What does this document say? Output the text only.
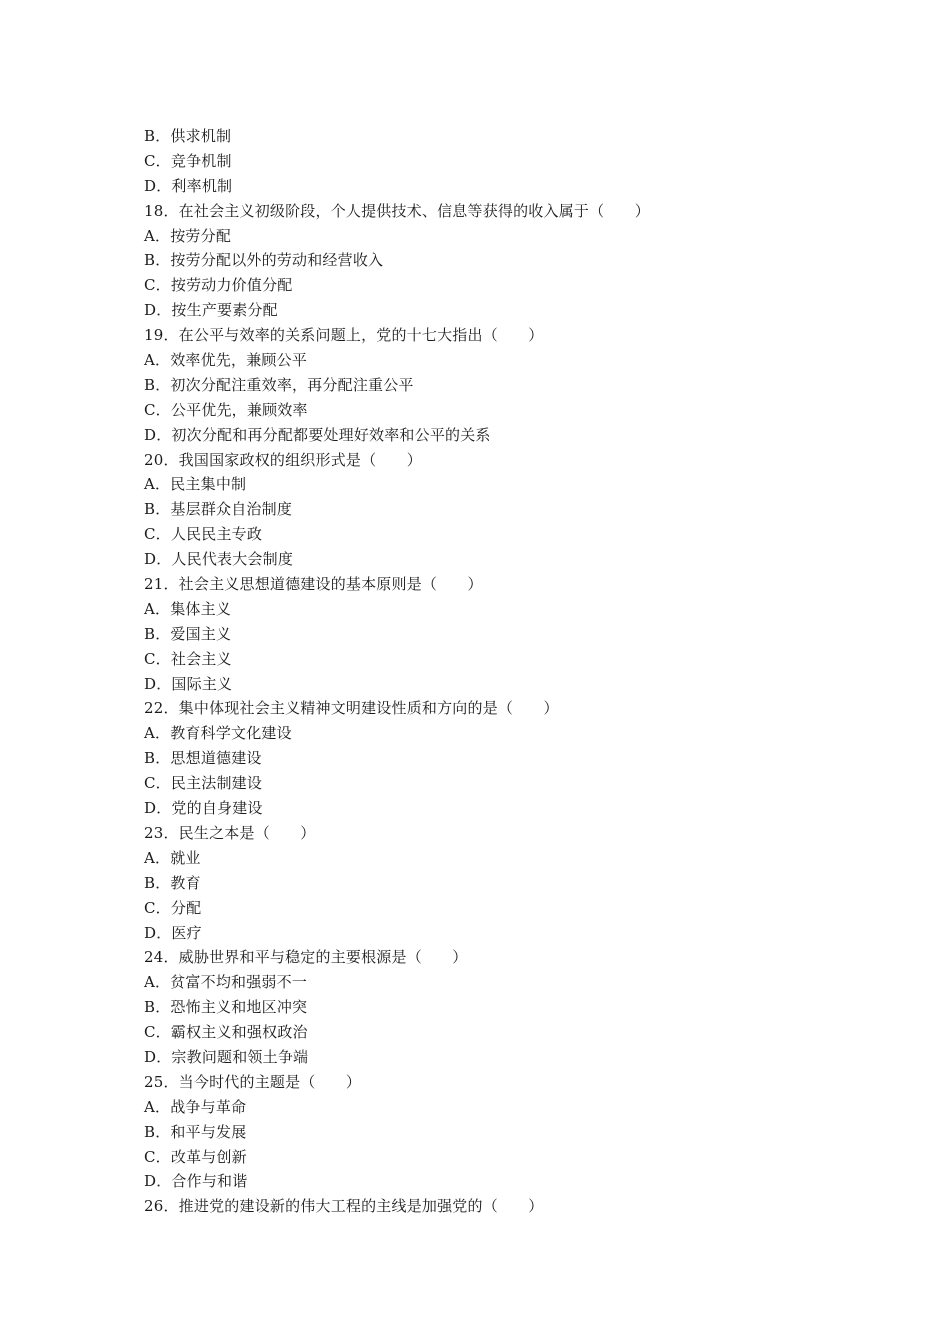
B．供求机制
C．竞争机制
D．利率机制
18．在社会主义初级阶段，个人提供技术、信息等获得的收入属于（　　）
A．按劳分配
B．按劳分配以外的劳动和经营收入
C．按劳动力价值分配
D．按生产要素分配
19．在公平与效率的关系问题上，党的十七大指出（　　）
A．效率优先，兼顾公平
B．初次分配注重效率，再分配注重公平
C．公平优先，兼顾效率
D．初次分配和再分配都要处理好效率和公平的关系
20．我国国家政权的组织形式是（　　）
A．民主集中制
B．基层群众自治制度
C．人民民主专政
D．人民代表大会制度
21．社会主义思想道德建设的基本原则是（　　）
A．集体主义
B．爱国主义
C．社会主义
D．国际主义
22．集中体现社会主义精神文明建设性质和方向的是（　　）
A．教育科学文化建设
B．思想道德建设
C．民主法制建设
D．党的自身建设
23．民生之本是（　　）
A．就业
B．教育
C．分配
D．医疗
24．威胁世界和平与稳定的主要根源是（　　）
A．贫富不均和强弱不一
B．恐怖主义和地区冲突
C．霸权主义和强权政治
D．宗教问题和领土争端
25．当今时代的主题是（　　）
A．战争与革命
B．和平与发展
C．改革与创新
D．合作与和谐
26．推进党的建设新的伟大工程的主线是加强党的（　　）
